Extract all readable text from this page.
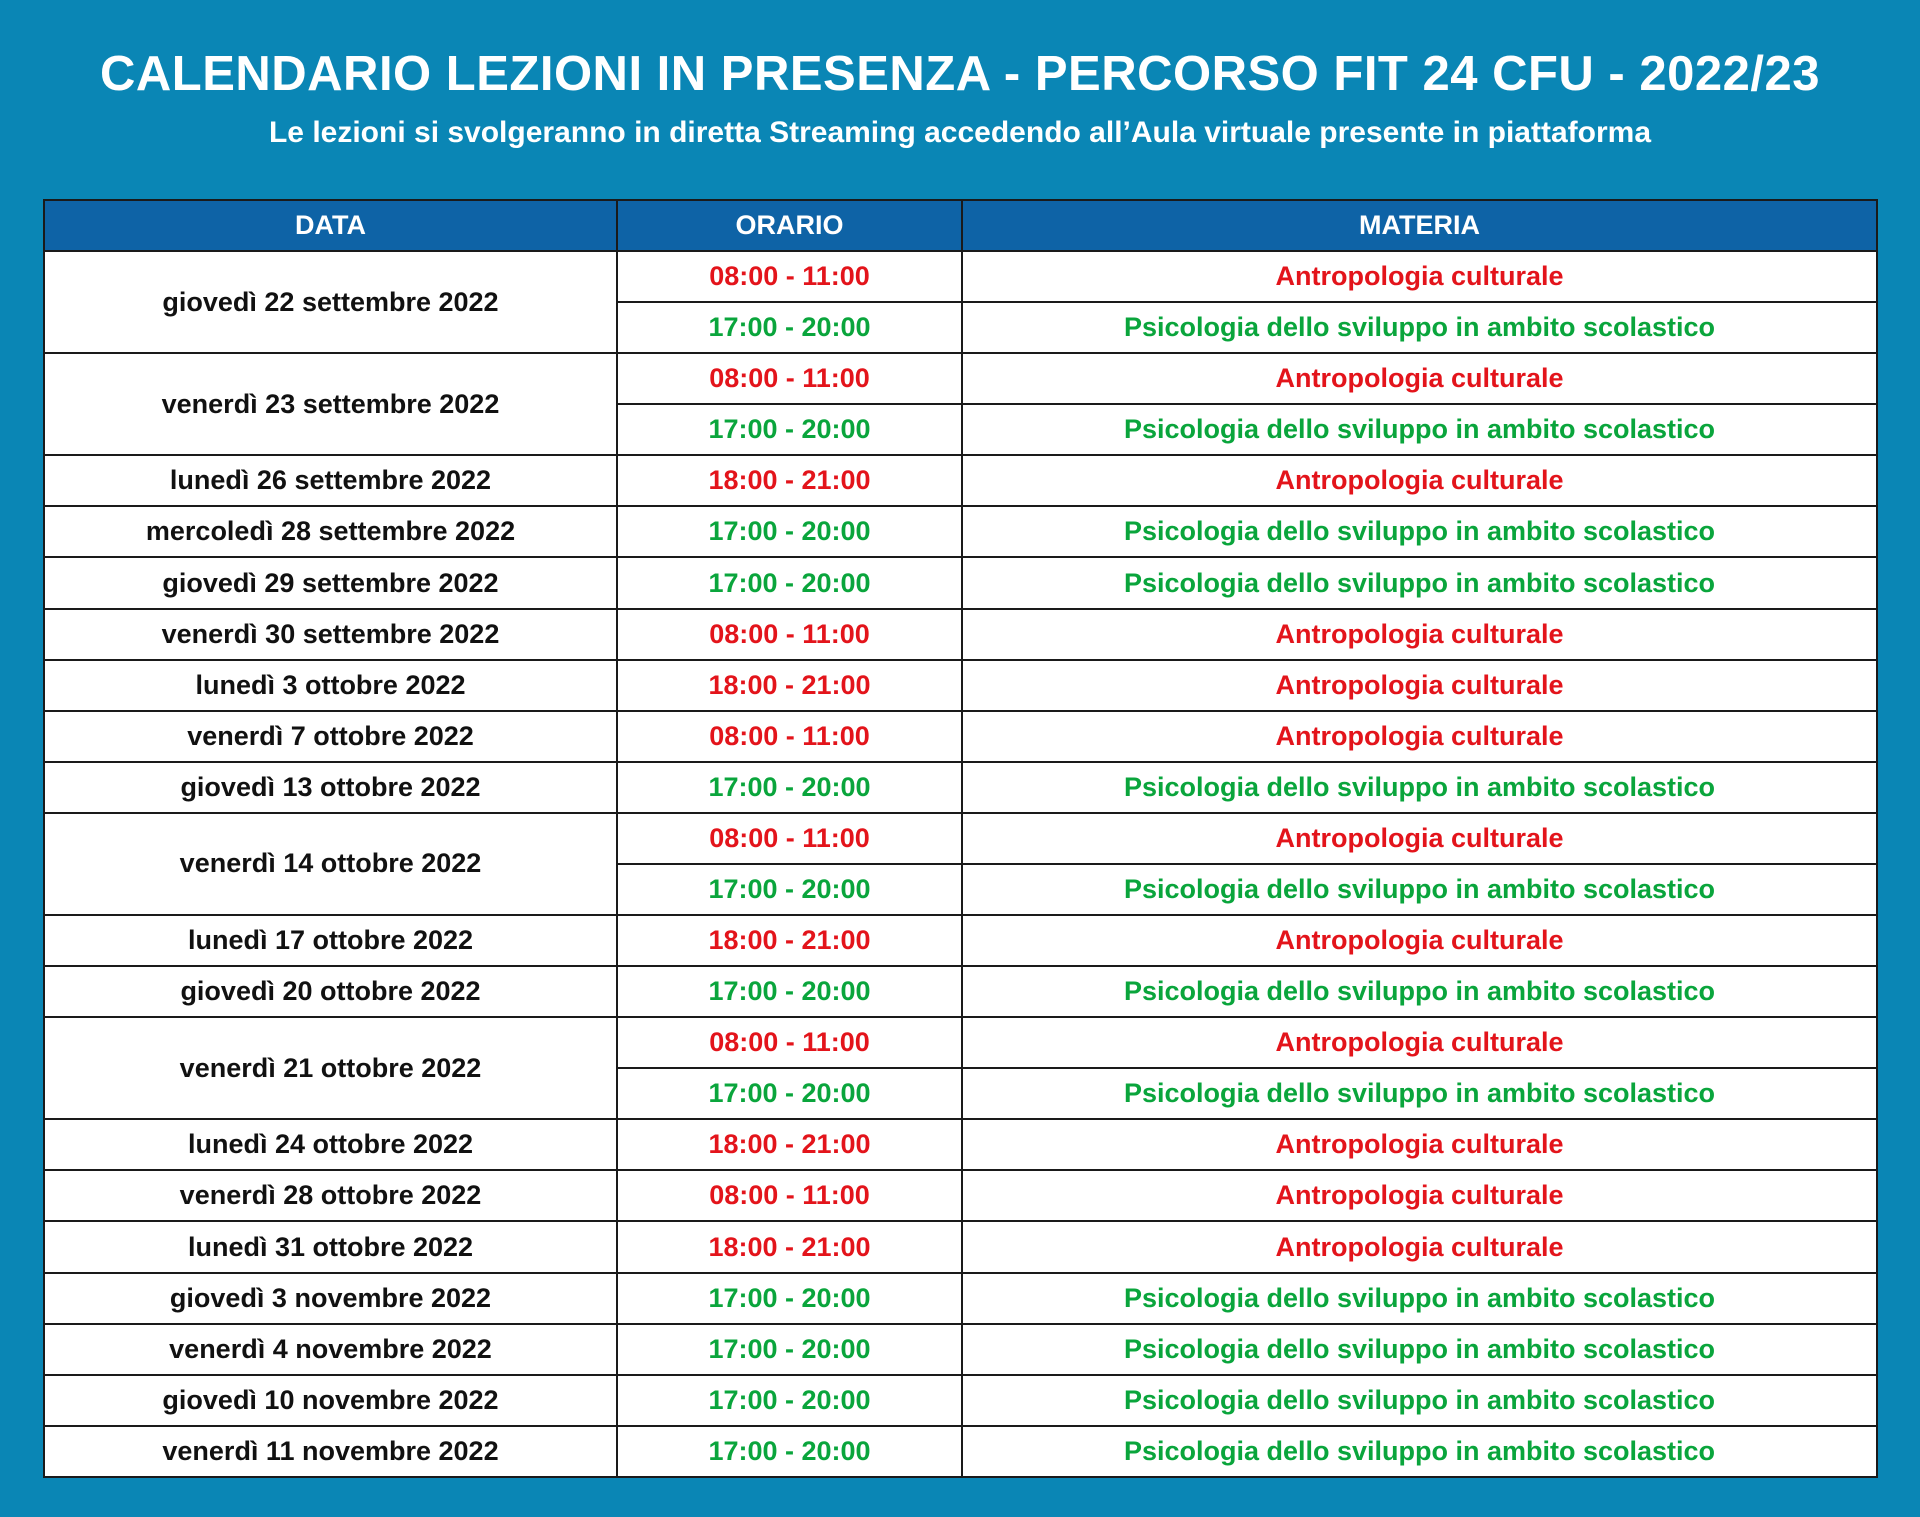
CALENDARIO LEZIONI IN PRESENZA - PERCORSO FIT 24 CFU - 2022/23
Le lezioni si svolgeranno in diretta Streaming accedendo all’Aula virtuale presente in piattaforma
DATA	ORARIO	MATERIA
giovedì 22 settembre 2022	08:00 - 11:00	Antropologia culturale
	17:00 - 20:00	Psicologia dello sviluppo in ambito scolastico
venerdì 23 settembre 2022	08:00 - 11:00	Antropologia culturale
	17:00 - 20:00	Psicologia dello sviluppo in ambito scolastico
lunedì 26 settembre 2022	18:00 - 21:00	Antropologia culturale
mercoledì 28 settembre 2022	17:00 - 20:00	Psicologia dello sviluppo in ambito scolastico
giovedì 29 settembre 2022	17:00 - 20:00	Psicologia dello sviluppo in ambito scolastico
venerdì 30 settembre 2022	08:00 - 11:00	Antropologia culturale
lunedì 3 ottobre 2022	18:00 - 21:00	Antropologia culturale
venerdì 7 ottobre 2022	08:00 - 11:00	Antropologia culturale
giovedì 13 ottobre 2022	17:00 - 20:00	Psicologia dello sviluppo in ambito scolastico
venerdì 14 ottobre 2022	08:00 - 11:00	Antropologia culturale
	17:00 - 20:00	Psicologia dello sviluppo in ambito scolastico
lunedì 17 ottobre 2022	18:00 - 21:00	Antropologia culturale
giovedì 20 ottobre 2022	17:00 - 20:00	Psicologia dello sviluppo in ambito scolastico
venerdì 21 ottobre 2022	08:00 - 11:00	Antropologia culturale
	17:00 - 20:00	Psicologia dello sviluppo in ambito scolastico
lunedì 24 ottobre 2022	18:00 - 21:00	Antropologia culturale
venerdì 28 ottobre 2022	08:00 - 11:00	Antropologia culturale
lunedì 31 ottobre 2022	18:00 - 21:00	Antropologia culturale
giovedì 3 novembre 2022	17:00 - 20:00	Psicologia dello sviluppo in ambito scolastico
venerdì 4 novembre 2022	17:00 - 20:00	Psicologia dello sviluppo in ambito scolastico
giovedì 10 novembre 2022	17:00 - 20:00	Psicologia dello sviluppo in ambito scolastico
venerdì 11 novembre 2022	17:00 - 20:00	Psicologia dello sviluppo in ambito scolastico
